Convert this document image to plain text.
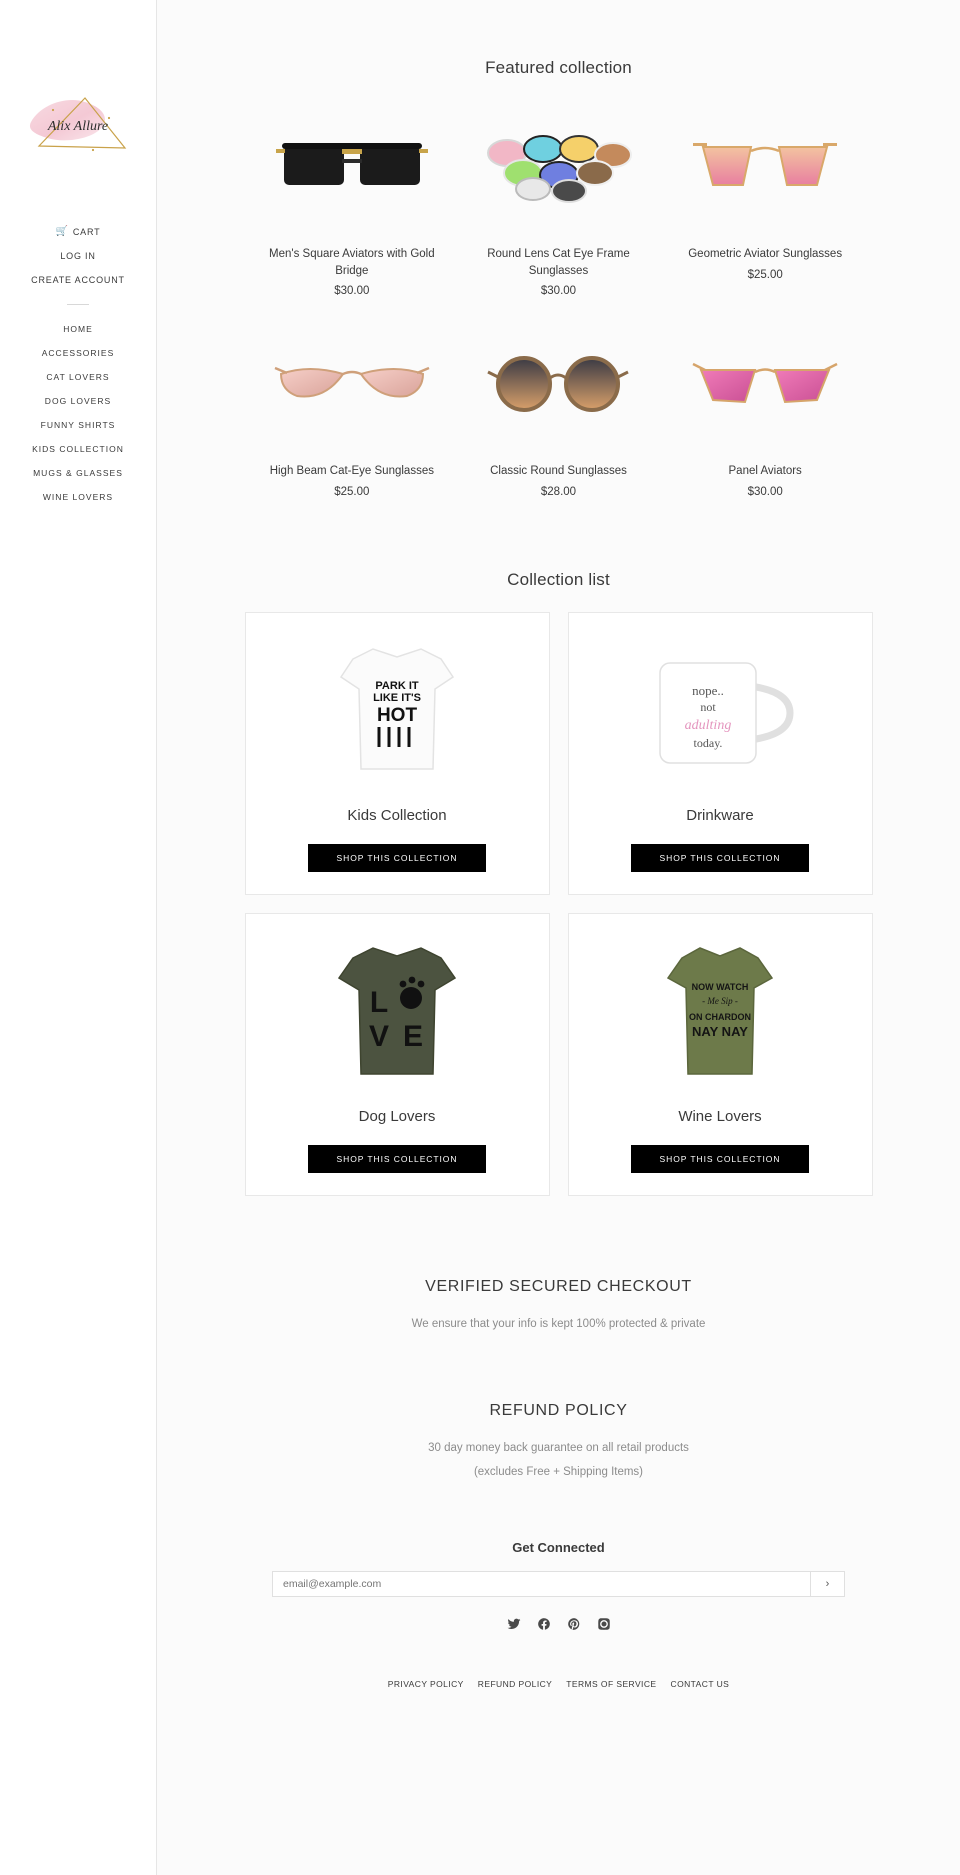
Alix Allure
🛒 CART
LOG IN
CREATE ACCOUNT
HOME
ACCESSORIES
CAT LOVERS
DOG LOVERS
FUNNY SHIRTS
KIDS COLLECTION
MUGS & GLASSES
WINE LOVERS
Featured collection
Men's Square Aviators with Gold Bridge
$30.00
Round Lens Cat Eye Frame Sunglasses
$30.00
Geometric Aviator Sunglasses
$25.00
High Beam Cat-Eye Sunglasses
$25.00
Classic Round Sunglasses
$28.00
Panel Aviators
$30.00
Collection list
PARK IT
LIKE IT'S
HOT
Kids Collection
SHOP THIS COLLECTION
nope..
not
adulting
today.
Drinkware
SHOP THIS COLLECTION
L
V E
Dog Lovers
SHOP THIS COLLECTION
NOW WATCH
- Me Sip -
ON CHARDON
NAY NAY
Wine Lovers
SHOP THIS COLLECTION
VERIFIED SECURED CHECKOUT

We ensure that your info is kept 100% protected & private

REFUND POLICY

30 day money back guarantee on all retail products

(excludes Free + Shipping Items)

Get Connected
email@example.com
›
PRIVACY POLICY REFUND POLICY TERMS OF SERVICE CONTACT US
